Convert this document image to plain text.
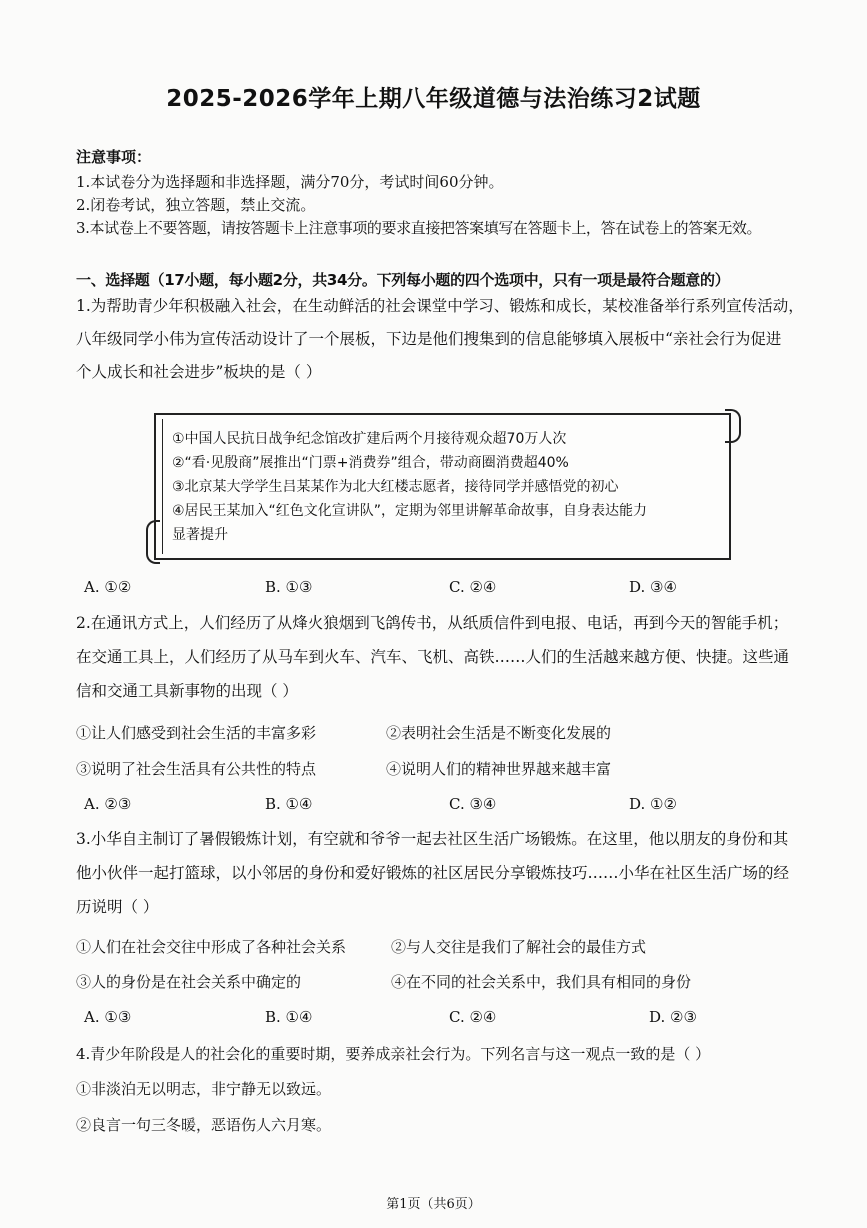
2025-2026学年上期八年级道德与法治练习2试题
注意事项：
1.本试卷分为选择题和非选择题，满分70分，考试时间60分钟。
2.闭卷考试，独立答题，禁止交流。
3.本试卷上不要答题，请按答题卡上注意事项的要求直接把答案填写在答题卡上，答在试卷上的答案无效。
一、选择题（17小题，每小题2分，共34分。下列每小题的四个选项中，只有一项是最符合题意的）
1.为帮助青少年积极融入社会，在生动鲜活的社会课堂中学习、锻炼和成长，某校准备举行系列宣传活动，
八年级同学小伟为宣传活动设计了一个展板，下边是他们搜集到的信息能够填入展板中“亲社会行为促进
个人成长和社会进步”板块的是（ ）
①中国人民抗日战争纪念馆改扩建后两个月接待观众超70万人次
②“看·见殷商”展推出“门票+消费券”组合，带动商圈消费超40%
③北京某大学学生吕某某作为北大红楼志愿者，接待同学并感悟党的初心
④居民王某加入“红色文化宣讲队”，定期为邻里讲解革命故事，自身表达能力
显著提升
A. ①②	B. ①③	C. ②④	D. ③④
2.在通讯方式上，人们经历了从烽火狼烟到飞鸽传书，从纸质信件到电报、电话，再到今天的智能手机；
在交通工具上，人们经历了从马车到火车、汽车、飞机、高铁……人们的生活越来越方便、快捷。这些通
信和交通工具新事物的出现（ ）
①让人们感受到社会生活的丰富多彩	②表明社会生活是不断变化发展的
③说明了社会生活具有公共性的特点	④说明人们的精神世界越来越丰富
A. ②③	B. ①④	C. ③④	D. ①②
3.小华自主制订了暑假锻炼计划，有空就和爷爷一起去社区生活广场锻炼。在这里，他以朋友的身份和其
他小伙伴一起打篮球，以小邻居的身份和爱好锻炼的社区居民分享锻炼技巧……小华在社区生活广场的经
历说明（ ）
①人们在社会交往中形成了各种社会关系	②与人交往是我们了解社会的最佳方式
③人的身份是在社会关系中确定的	④在不同的社会关系中，我们具有相同的身份
A. ①③	B. ①④	C. ②④	D. ②③
4.青少年阶段是人的社会化的重要时期，要养成亲社会行为。下列名言与这一观点一致的是（ ）
①非淡泊无以明志，非宁静无以致远。
②良言一句三冬暖，恶语伤人六月寒。
第1页（共6页）
